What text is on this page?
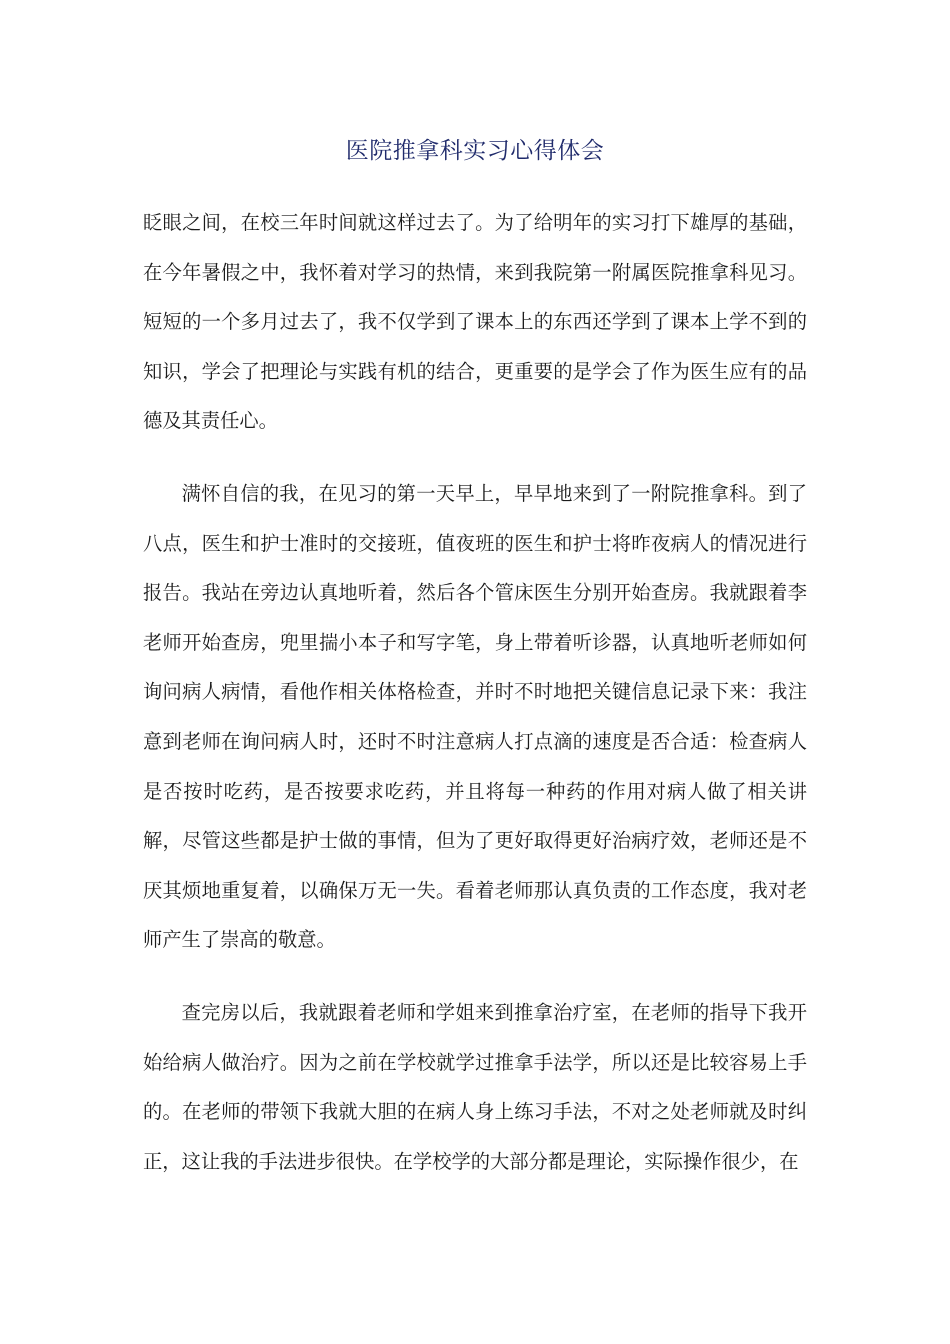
医院推拿科实习心得体会

眨眼之间，在校三年时间就这样过去了。为了给明年的实习打下雄厚的基础，在今年暑假之中，我怀着对学习的热情，来到我院第一附属医院推拿科见习。短短的一个多月过去了，我不仅学到了课本上的东西还学到了课本上学不到的知识，学会了把理论与实践有机的结合，更重要的是学会了作为医生应有的品德及其责任心。

满怀自信的我，在见习的第一天早上，早早地来到了一附院推拿科。到了八点，医生和护士准时的交接班，值夜班的医生和护士将昨夜病人的情况进行报告。我站在旁边认真地听着，然后各个管床医生分别开始查房。我就跟着李老师开始查房，兜里揣小本子和写字笔，身上带着听诊器，认真地听老师如何询问病人病情，看他作相关体格检查，并时不时地把关键信息记录下来：我注意到老师在询问病人时，还时不时注意病人打点滴的速度是否合适：检查病人是否按时吃药，是否按要求吃药，并且将每一种药的作用对病人做了相关讲解，尽管这些都是护士做的事情，但为了更好取得更好治病疗效，老师还是不厌其烦地重复着，以确保万无一失。看着老师那认真负责的工作态度，我对老师产生了崇高的敬意。

查完房以后，我就跟着老师和学姐来到推拿治疗室，在老师的指导下我开始给病人做治疗。因为之前在学校就学过推拿手法学，所以还是比较容易上手的。在老师的带领下我就大胆的在病人身上练习手法，不对之处老师就及时纠正，这让我的手法进步很快。在学校学的大部分都是理论，实际操作很少，在
